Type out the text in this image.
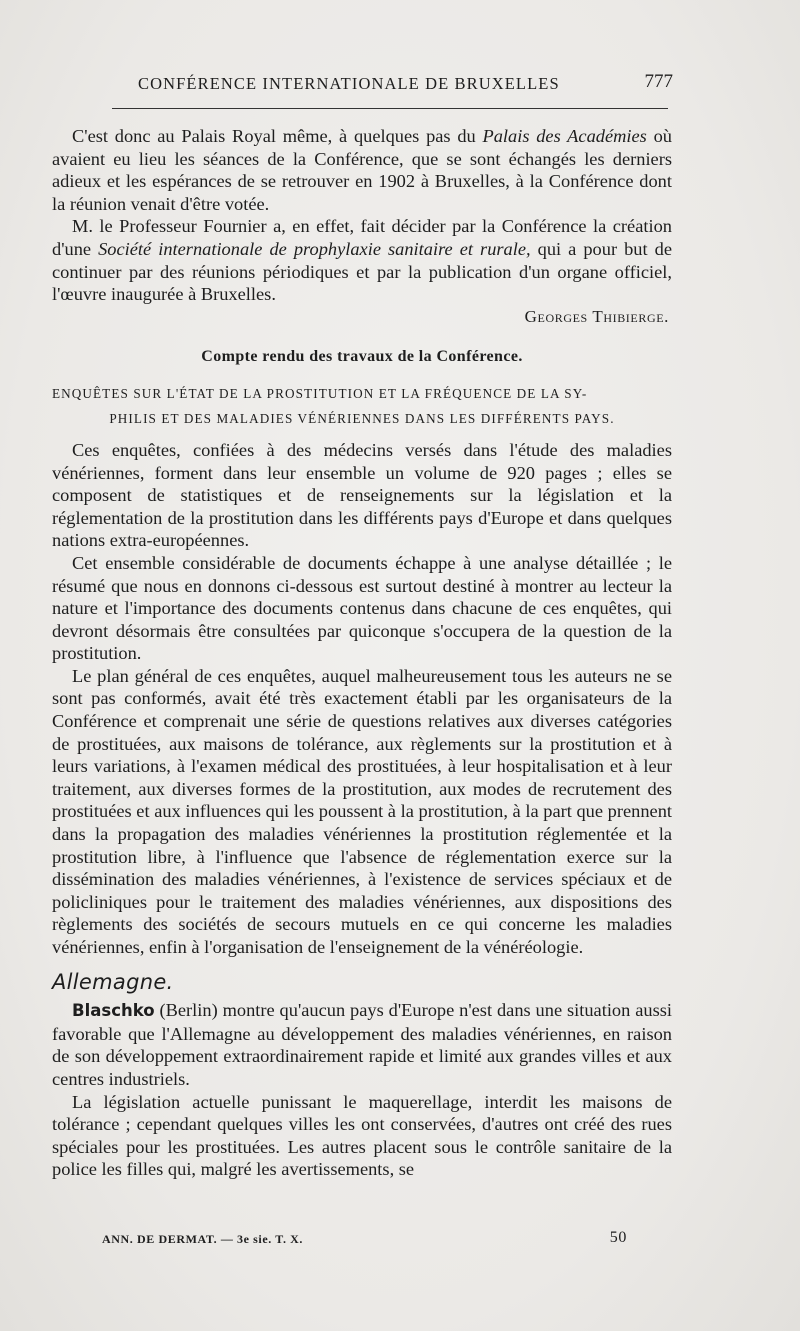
CONFÉRENCE INTERNATIONALE DE BRUXELLES	777

C'est donc au Palais Royal même, à quelques pas du Palais des Académies où avaient eu lieu les séances de la Conférence, que se sont échangés les derniers adieux et les espérances de se retrouver en 1902 à Bruxelles, à la Conférence dont la réunion venait d'être votée.

M. le Professeur Fournier a, en effet, fait décider par la Conférence la création d'une Société internationale de prophylaxie sanitaire et rurale, qui a pour but de continuer par des réunions périodiques et par la publication d'un organe officiel, l'œuvre inaugurée à Bruxelles.

Georges Thibierge.

Compte rendu des travaux de la Conférence.

ENQUÊTES SUR L'ÉTAT DE LA PROSTITUTION ET LA FRÉQUENCE DE LA SY-
PHILIS ET DES MALADIES VÉNÉRIENNES DANS LES DIFFÉRENTS PAYS.

Ces enquêtes, confiées à des médecins versés dans l'étude des maladies vénériennes, forment dans leur ensemble un volume de 920 pages ; elles se composent de statistiques et de renseignements sur la législation et la réglementation de la prostitution dans les différents pays d'Europe et dans quelques nations extra-européennes.

Cet ensemble considérable de documents échappe à une analyse détaillée ; le résumé que nous en donnons ci-dessous est surtout destiné à montrer au lecteur la nature et l'importance des documents contenus dans chacune de ces enquêtes, qui devront désormais être consultées par quiconque s'occupera de la question de la prostitution.

Le plan général de ces enquêtes, auquel malheureusement tous les auteurs ne se sont pas conformés, avait été très exactement établi par les organisateurs de la Conférence et comprenait une série de questions relatives aux diverses catégories de prostituées, aux maisons de tolérance, aux règlements sur la prostitution et à leurs variations, à l'examen médical des prostituées, à leur hospitalisation et à leur traitement, aux diverses formes de la prostitution, aux modes de recrutement des prostituées et aux influences qui les poussent à la prostitution, à la part que prennent dans la propagation des maladies vénériennes la prostitution réglementée et la prostitution libre, à l'influence que l'absence de réglementation exerce sur la dissémination des maladies vénériennes, à l'existence de services spéciaux et de policliniques pour le traitement des maladies vénériennes, aux dispositions des règlements des sociétés de secours mutuels en ce qui concerne les maladies vénériennes, enfin à l'organisation de l'enseignement de la vénéréologie.

Allemagne.

Blaschko (Berlin) montre qu'aucun pays d'Europe n'est dans une situation aussi favorable que l'Allemagne au développement des maladies vénériennes, en raison de son développement extraordinairement rapide et limité aux grandes villes et aux centres industriels.

La législation actuelle punissant le maquerellage, interdit les maisons de tolérance ; cependant quelques villes les ont conservées, d'autres ont créé des rues spéciales pour les prostituées. Les autres placent sous le contrôle sanitaire de la police les filles qui, malgré les avertissements, se

ANN. DE DERMAT. — 3e sie. T. X.	50
